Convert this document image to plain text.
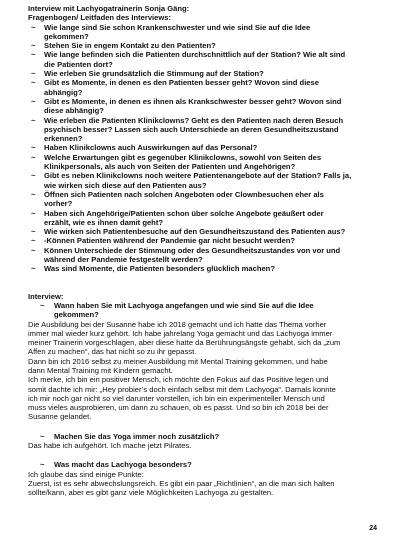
Interview mit Lachyogatrainerin Sonja Gäng:
Fragenbogen/ Leitfaden des Interviews:
~ Wie lange sind Sie schon Krankenschwester und wie sind Sie auf die Idee
gekommen?
~ Stehen Sie in engem Kontakt zu den Patienten?
~ Wie lange befinden sich die Patienten durchschnittlich auf der Station? Wie alt sind
die Patienten dort?
~ Wie erleben Sie grundsätzlich die Stimmung auf der Station?
~ Gibt es Momente, in denen es den Patienten besser geht? Wovon sind diese
abhängig?
~ Gibt es Momente, in denen es ihnen als Krankschwester besser geht? Wovon sind
diese abhängig?
~ Wie erleben die Patienten Klinikclowns? Geht es den Patienten nach deren Besuch
psychisch besser? Lassen sich auch Unterschiede an deren Gesundheitszustand
erkennen?
~ Haben Klinikclowns auch Auswirkungen auf das Personal?
~ Welche Erwartungen gibt es gegenüber Klinikclowns, sowohl von Seiten des
Klinikpersonals, als auch von Seiten der Patienten und Angehörigen?
~ Gibt es neben Klinikclowns noch weitere Patientenangebote auf der Station? Falls ja,
wie wirken sich diese auf den Patienten aus?
~ Öffnen sich Patienten nach solchen Angeboten oder Clownbesuchen eher als
vorher?
~ Haben sich Angehörige/Patienten schon über solche Angebote geäußert oder
erzählt, wie es ihnen damit geht?
~ Wie wirken sich Patientenbesuche auf den Gesundheitszustand des Patienten aus?
~ -Können Patienten während der Pandemie gar nicht besucht werden?
~ Können Unterschiede der Stimmung oder des Gesundheitszustandes von vor und
während der Pandemie festgestellt werden?
~ Was sind Momente, die Patienten besonders glücklich machen?
Interview:
~ Wann haben Sie mit Lachyoga angefangen und wie sind Sie auf die Idee
gekommen?
Die Ausbildung bei der Susanne habe ich 2018 gemacht und ich hatte das Thema vorher
immer mal wieder kurz gehört. Ich habe jahrelang Yoga gemacht und das Lachyoga immer
meiner Trainerin vorgeschlagen, aber diese hatte da Berührungsängste gehabt, sich da „zum
Affen zu machen“, das hat nicht so zu ihr gepasst.
Dann bin ich 2016 selbst zu meiner Ausbildung mit Mental Training gekommen, und habe
dann Mental Training mit Kindern gemacht.
Ich merke, ich bin ein positiver Mensch, ich möchte den Fokus auf das Positive legen und
somit dachte ich mir: „Hey probier’s doch einfach selbst mit dem Lachyoga“. Damals konnte
ich mir noch gar nicht so viel darunter vorstellen, ich bin ein experimenteller Mensch und
muss vieles ausprobieren, um dann zu schauen, ob es passt. Und so bin ich 2018 bei der
Susanne gelandet.
~ Machen Sie das Yoga immer noch zusätzlich?
Das habe ich aufgehört. Ich mache jetzt Pilrates.
~ Was macht das Lachyoga besonders?
Ich glaube das sind einige Punkte:
Zuerst, ist es sehr abwechslungsreich. Es gibt ein paar „Richtlinien“, an die man sich halten
sollte/kann, aber es gibt ganz viele Möglichkeiten Lachyoga zu gestalten.
24
